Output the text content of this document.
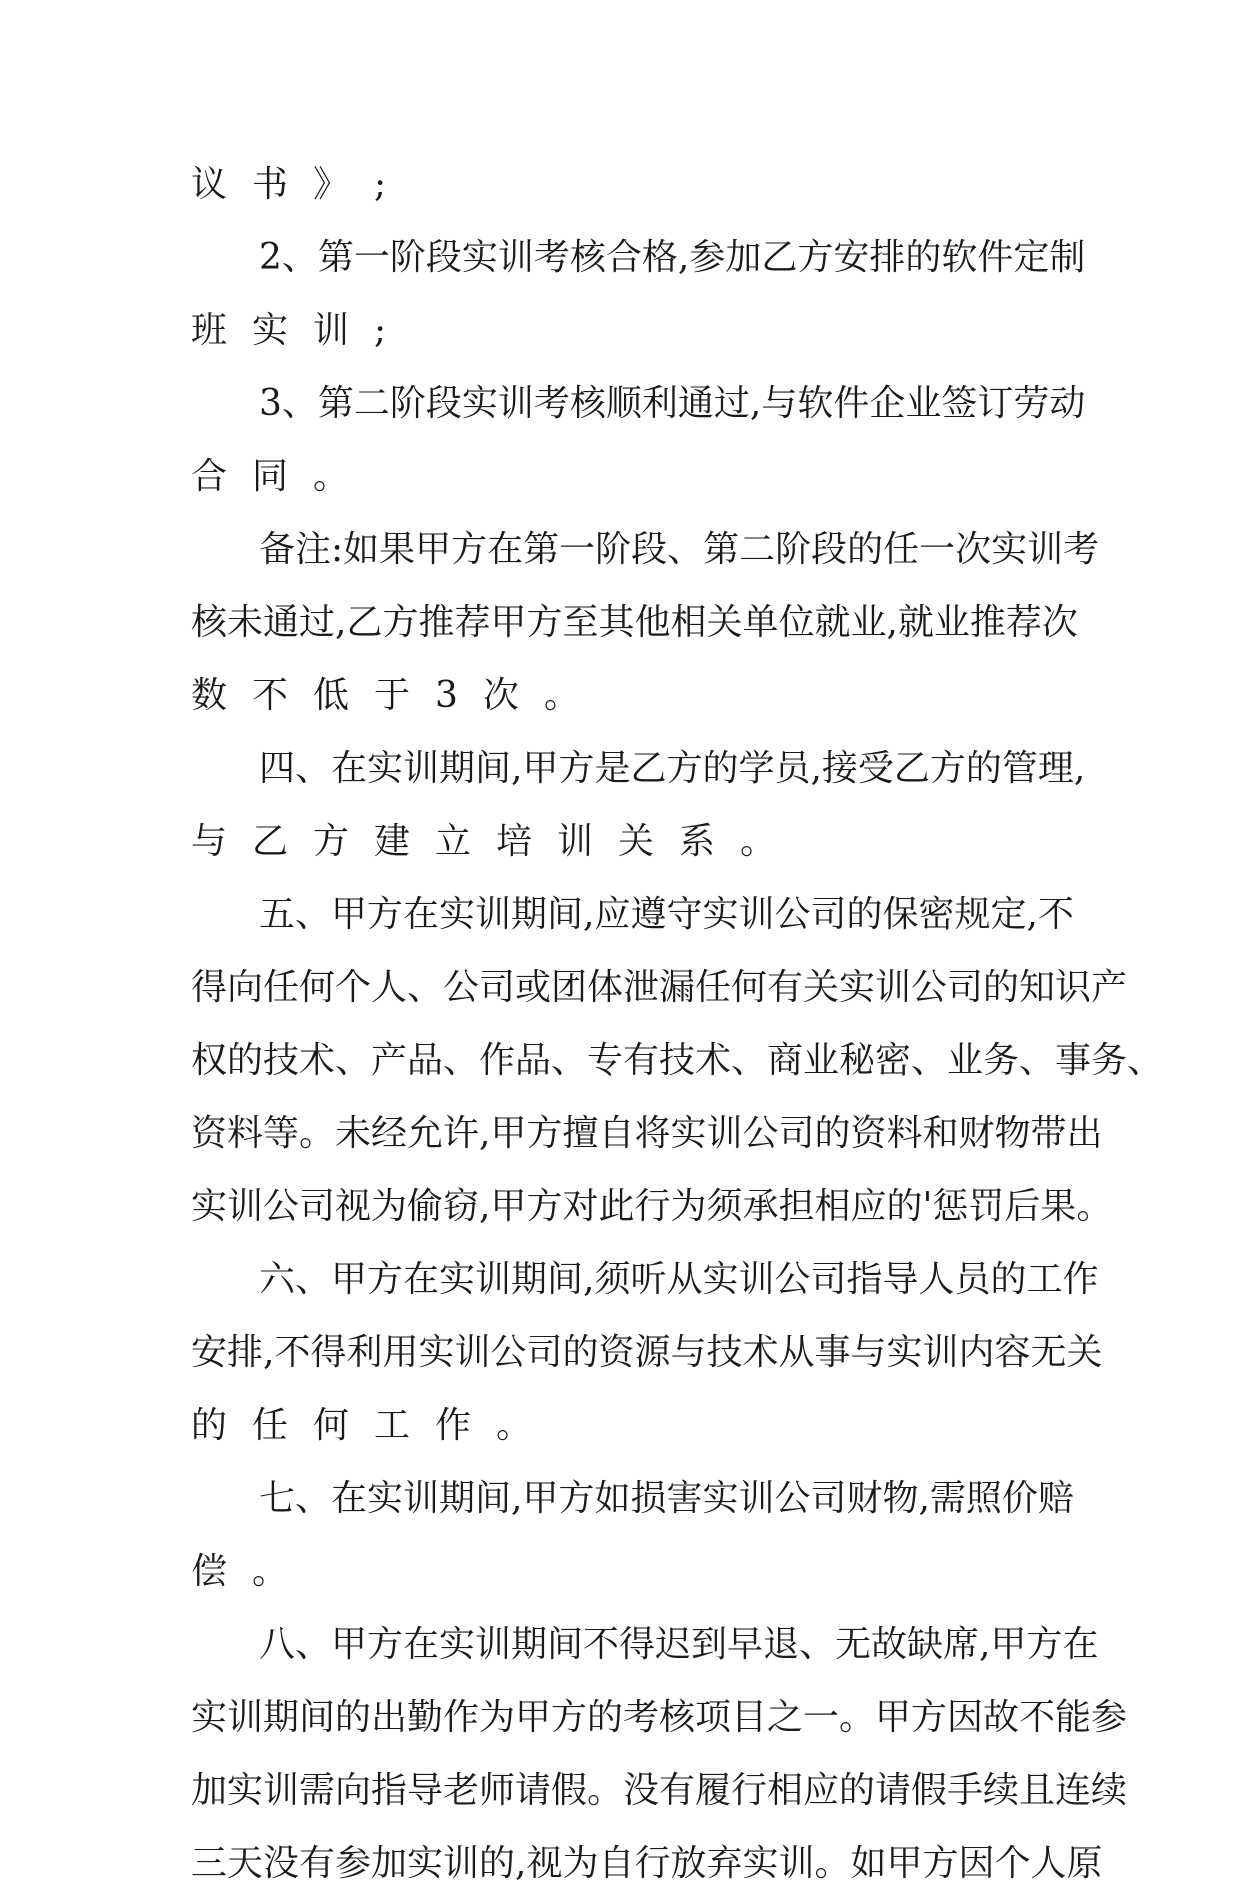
议书》;
2、第一阶段实训考核合格,参加乙方安排的软件定制
班实训;
3、第二阶段实训考核顺利通过,与软件企业签订劳动
合同。
备注:如果甲方在第一阶段、第二阶段的任一次实训考
核未通过,乙方推荐甲方至其他相关单位就业,就业推荐次
数不低于3次。
四、在实训期间,甲方是乙方的学员,接受乙方的管理,
与乙方建立培训关系。
五、甲方在实训期间,应遵守实训公司的保密规定,不
得向任何个人、公司或团体泄漏任何有关实训公司的知识产
权的技术、产品、作品、专有技术、商业秘密、业务、事务、
资料等。未经允许,甲方擅自将实训公司的资料和财物带出
实训公司视为偷窃,甲方对此行为须承担相应的'惩罚后果。
六、甲方在实训期间,须听从实训公司指导人员的工作
安排,不得利用实训公司的资源与技术从事与实训内容无关
的任何工作。
七、在实训期间,甲方如损害实训公司财物,需照价赔
偿。
八、甲方在实训期间不得迟到早退、无故缺席,甲方在
实训期间的出勤作为甲方的考核项目之一。甲方因故不能参
加实训需向指导老师请假。没有履行相应的请假手续且连续
三天没有参加实训的,视为自行放弃实训。如甲方因个人原
